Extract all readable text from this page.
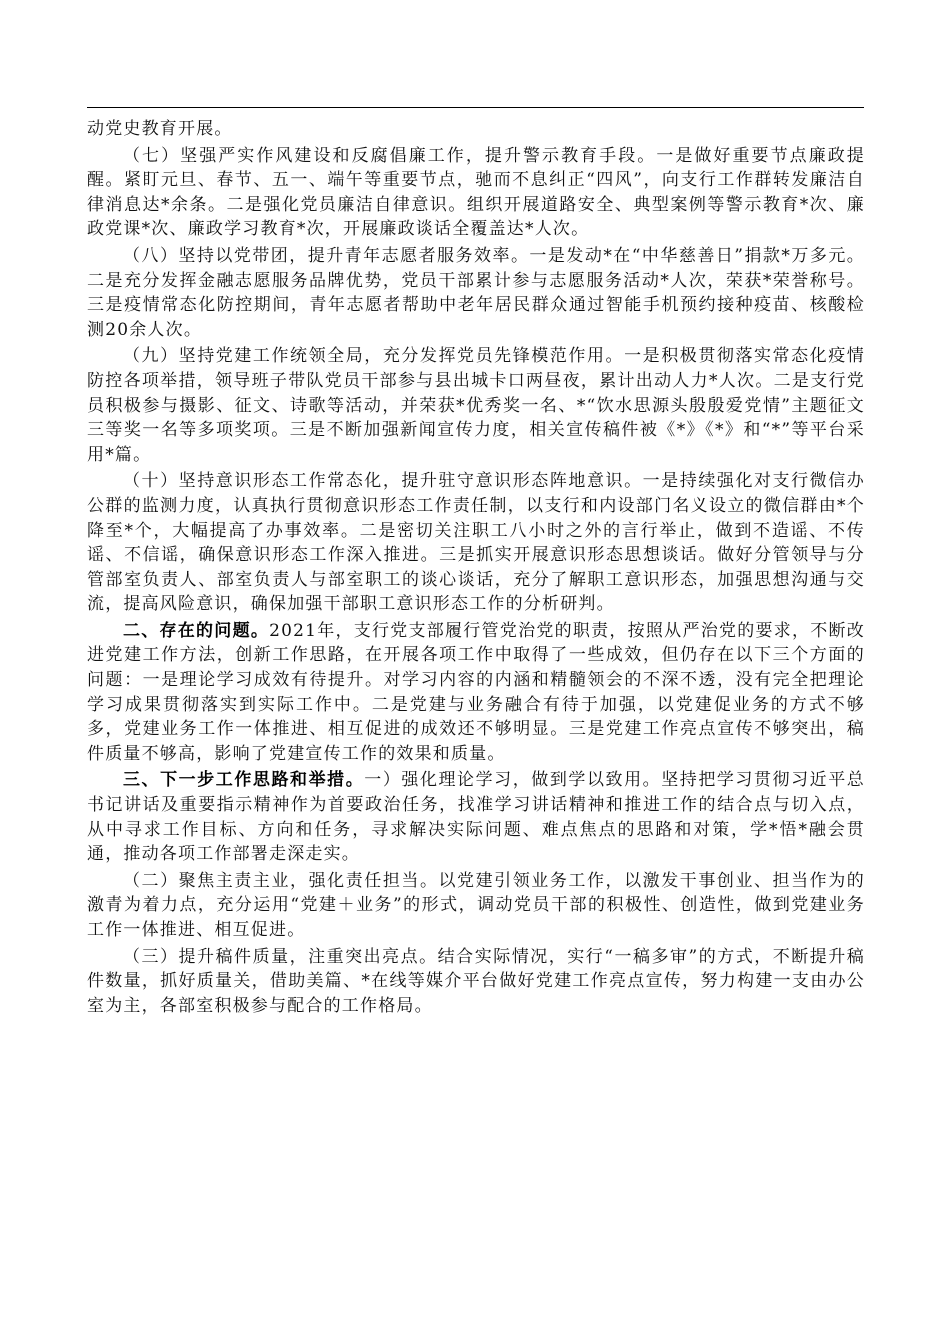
动党史教育开展。

（七）坚强严实作风建设和反腐倡廉工作，提升警示教育手段。一是做好重要节点廉政提醒。紧盯元旦、春节、五一、端午等重要节点，驰而不息纠正“四风”，向支行工作群转发廉洁自律消息达*余条。二是强化党员廉洁自律意识。组织开展道路安全、典型案例等警示教育*次、廉政党课*次、廉政学习教育*次，开展廉政谈话全覆盖达*人次。

（八）坚持以党带团，提升青年志愿者服务效率。一是发动*在“中华慈善日”捐款*万多元。二是充分发挥金融志愿服务品牌优势，党员干部累计参与志愿服务活动*人次，荣获*荣誉称号。三是疫情常态化防控期间，青年志愿者帮助中老年居民群众通过智能手机预约接种疫苗、核酸检测20余人次。

（九）坚持党建工作统领全局，充分发挥党员先锋模范作用。一是积极贯彻落实常态化疫情防控各项举措，领导班子带队党员干部参与县出城卡口两昼夜，累计出动人力*人次。二是支行党员积极参与摄影、征文、诗歌等活动，并荣获*优秀奖一名、*“饮水思源头殷殷爱党情”主题征文三等奖一名等多项奖项。三是不断加强新闻宣传力度，相关宣传稿件被《*》《*》和“*”等平台采用*篇。

（十）坚持意识形态工作常态化，提升驻守意识形态阵地意识。一是持续强化对支行微信办公群的监测力度，认真执行贯彻意识形态工作责任制，以支行和内设部门名义设立的微信群由*个降至*个，大幅提高了办事效率。二是密切关注职工八小时之外的言行举止，做到不造谣、不传谣、不信谣，确保意识形态工作深入推进。三是抓实开展意识形态思想谈话。做好分管领导与分管部室负责人、部室负责人与部室职工的谈心谈话，充分了解职工意识形态，加强思想沟通与交流，提高风险意识，确保加强干部职工意识形态工作的分析研判。

二、存在的问题。2021年，支行党支部履行管党治党的职责，按照从严治党的要求，不断改进党建工作方法，创新工作思路，在开展各项工作中取得了一些成效，但仍存在以下三个方面的问题：一是理论学习成效有待提升。对学习内容的内涵和精髓领会的不深不透，没有完全把理论学习成果贯彻落实到实际工作中。二是党建与业务融合有待于加强，以党建促业务的方式不够多，党建业务工作一体推进、相互促进的成效还不够明显。三是党建工作亮点宣传不够突出，稿件质量不够高，影响了党建宣传工作的效果和质量。

三、下一步工作思路和举措。一）强化理论学习，做到学以致用。坚持把学习贯彻习近平总书记讲话及重要指示精神作为首要政治任务，找准学习讲话精神和推进工作的结合点与切入点，从中寻求工作目标、方向和任务，寻求解决实际问题、难点焦点的思路和对策，学*悟*融会贯通，推动各项工作部署走深走实。

（二）聚焦主责主业，强化责任担当。以党建引领业务工作，以激发干事创业、担当作为的激青为着力点，充分运用“党建＋业务”的形式，调动党员干部的积极性、创造性，做到党建业务工作一体推进、相互促进。

（三）提升稿件质量，注重突出亮点。结合实际情况，实行“一稿多审”的方式，不断提升稿件数量，抓好质量关，借助美篇、*在线等媒介平台做好党建工作亮点宣传，努力构建一支由办公室为主，各部室积极参与配合的工作格局。
